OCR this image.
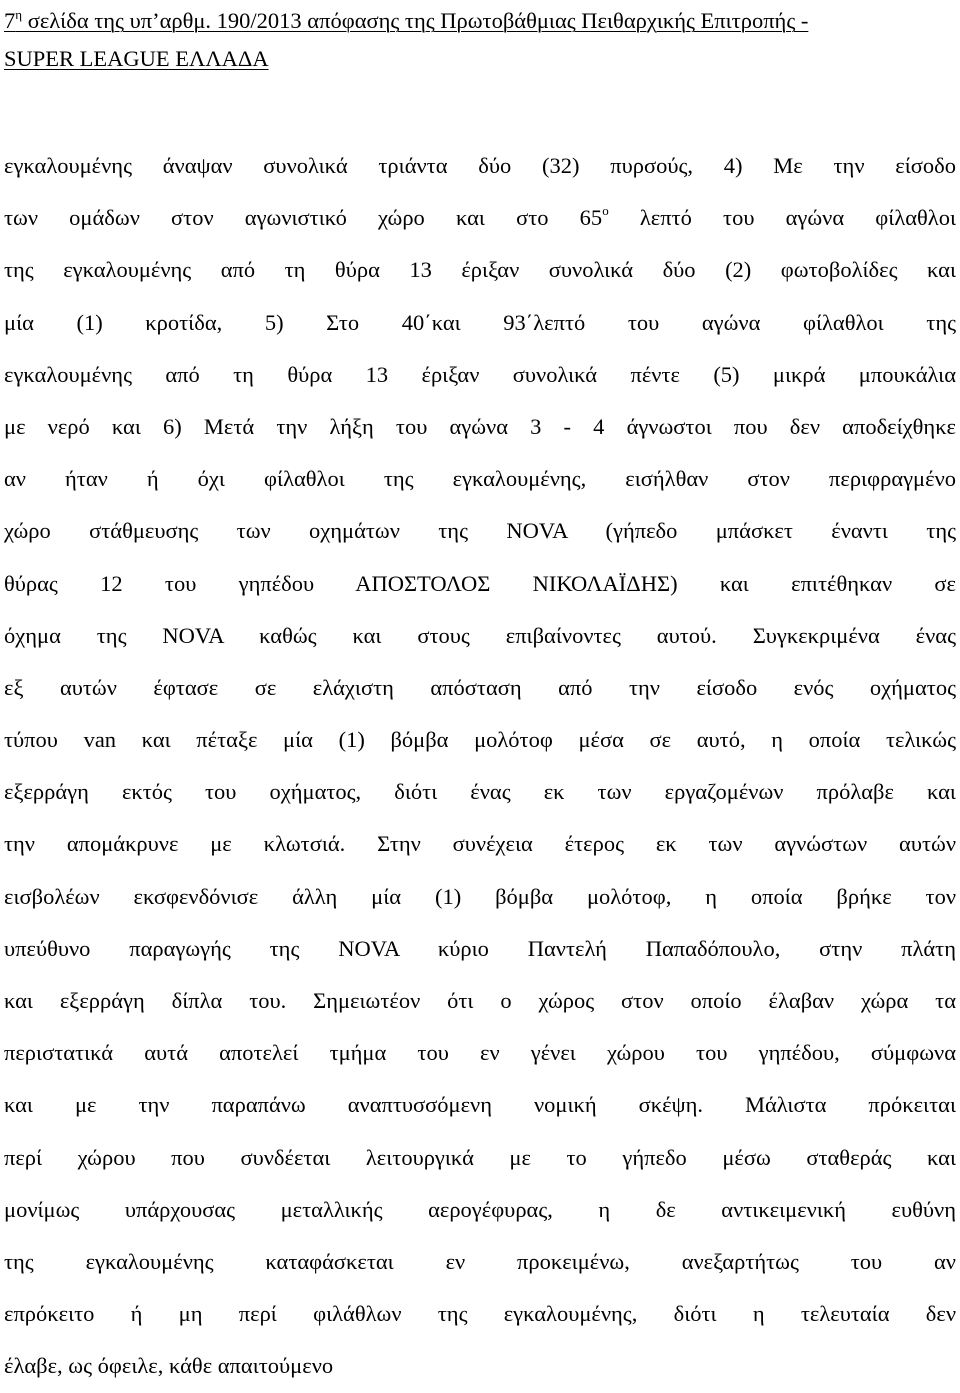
$7^\eta$ σελίδα της υπ’αρθμ. 190/2013 απόφασης της Πρωτοβάθμιας Πειθαρχικής Επιτροπής -
SUPER LEAGUE ΕΛΛΑΔΑ
εγκαλουμένης άναψαν συνολικά τριάντα δύο (32) πυρσούς, 4) Με την είσοδο
των ομάδων στον αγωνιστικό χώρο και στο $65^o$ λεπτό του αγώνα φίλαθλοι
της εγκαλουμένης από τη θύρα 13 έριξαν συνολικά δύο (2) φωτοβολίδες και
μία (1) κροτίδα, 5) Στο 40΄και 93΄λεπτό του αγώνα φίλαθλοι της
εγκαλουμένης από τη θύρα 13 έριξαν συνολικά πέντε (5) μικρά μπουκάλια
με νερό και 6) Μετά την λήξη του αγώνα 3 - 4 άγνωστοι που δεν αποδείχθηκε
αν ήταν ή όχι φίλαθλοι της εγκαλουμένης, εισήλθαν στον περιφραγμένο
χώρο στάθμευσης των οχημάτων της NOVA (γήπεδο μπάσκετ έναντι της
θύρας 12 του γηπέδου ΑΠΟΣΤΟΛΟΣ ΝΙΚΟΛΑΪΔΗΣ) και επιτέθηκαν σε
όχημα της NOVA καθώς και στους επιβαίνοντες αυτού. Συγκεκριμένα ένας
εξ αυτών έφτασε σε ελάχιστη απόσταση από την είσοδο ενός οχήματος
τύπου van και πέταξε μία (1) βόμβα μολότοφ μέσα σε αυτό, η οποία τελικώς
εξερράγη εκτός του οχήματος, διότι ένας εκ των εργαζομένων πρόλαβε και
την απομάκρυνε με κλωτσιά. Στην συνέχεια έτερος εκ των αγνώστων αυτών
εισβολέων εκσφενδόνισε άλλη μία (1) βόμβα μολότοφ, η οποία βρήκε τον
υπεύθυνο παραγωγής της NOVA κύριο Παντελή Παπαδόπουλο, στην πλάτη
και εξερράγη δίπλα του. Σημειωτέον ότι ο χώρος στον οποίο έλαβαν χώρα τα
περιστατικά αυτά αποτελεί τμήμα του εν γένει χώρου του γηπέδου, σύμφωνα
και με την παραπάνω αναπτυσσόμενη νομική σκέψη. Μάλιστα πρόκειται
περί χώρου που συνδέεται λειτουργικά με το γήπεδο μέσω σταθεράς και
μονίμως υπάρχουσας μεταλλικής αερογέφυρας, η δε αντικειμενική ευθύνη
της εγκαλουμένης καταφάσκεται εν προκειμένω, ανεξαρτήτως του αν
επρόκειτο ή μη περί φιλάθλων της εγκαλουμένης, διότι η τελευταία δεν
έλαβε, ως όφειλε, κάθε απαιτούμενο
